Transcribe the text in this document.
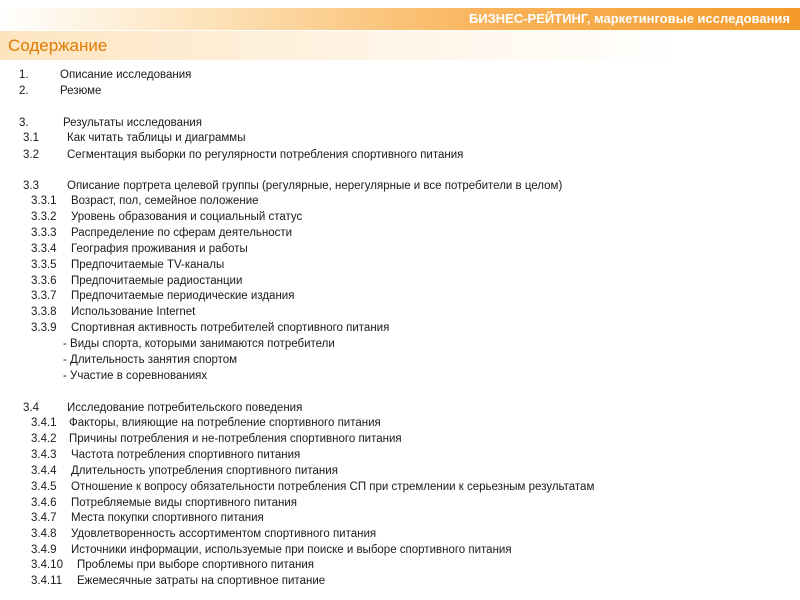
БИЗНЕС-РЕЙТИНГ, маркетинговые исследования
Содержание
1.	Описание исследования
2.	Резюме
3.	Результаты исследования
3.1 Как читать таблицы и диаграммы
3.2 Сегментация выборки по регулярности потребления спортивного питания
3.3 Описание портрета целевой группы (регулярные, нерегулярные и все потребители в целом)
3.3.1 Возраст, пол, семейное положение
3.3.2 Уровень образования и социальный статус
3.3.3 Распределение по сферам деятельности
3.3.4 География проживания и работы
3.3.5 Предпочитаемые TV-каналы
3.3.6 Предпочитаемые радиостанции
3.3.7 Предпочитаемые периодические издания
3.3.8 Использование Internet
3.3.9 Спортивная активность потребителей спортивного питания
- Виды спорта, которыми занимаются потребители
- Длительность занятия спортом
- Участие в соревнованиях
3.4 Исследование потребительского поведения
3.4.1 Факторы, влияющие на потребление спортивного питания
3.4.2 Причины потребления и не-потребления спортивного питания
3.4.3 Частота потребления спортивного питания
3.4.4 Длительность употребления спортивного питания
3.4.5 Отношение к вопросу обязательности потребления СП при стремлении к серьезным результатам
3.4.6 Потребляемые виды спортивного питания
3.4.7 Места покупки спортивного питания
3.4.8 Удовлетворенность ассортиментом спортивного питания
3.4.9 Источники информации, используемые при поиске и выборе спортивного питания
3.4.10 Проблемы при выборе спортивного питания
3.4.11 Ежемесячные затраты на спортивное питание
